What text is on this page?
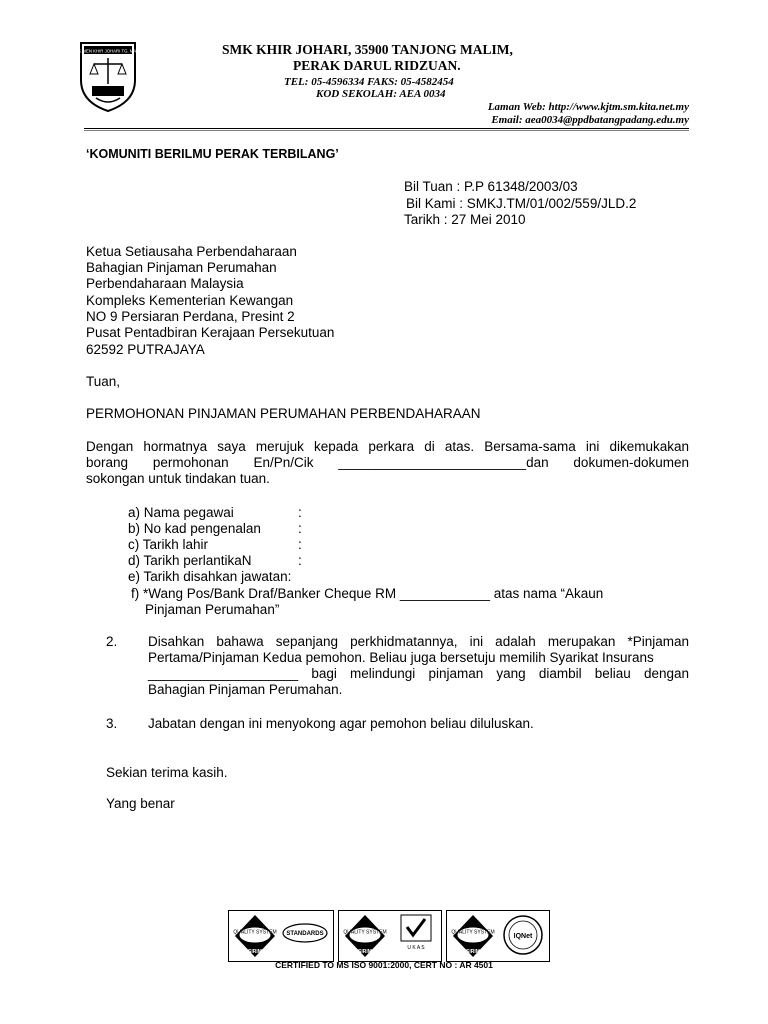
SEK MEN KHIR JOHARI TG. MALIM	SMK KHIR JOHARI, 35900 TANJONG MALIM,
PERAK DARUL RIDZUAN.
TEL: 05-4596334 FAKS: 05-4582454
KOD SEKOLAH: AEA 0034
Laman Web: http://www.kjtm.sm.kita.net.my
Email: aea0034@ppdbatangpadang.edu.my
‘KOMUNITI BERILMU PERAK TERBILANG’
Bil Tuan : P.P 61348/2003/03
Bil Kami : SMKJ.TM/01/002/559/JLD.2
Tarikh : 27 Mei 2010
Ketua Setiausaha Perbendaharaan
Bahagian Pinjaman Perumahan
Perbendaharaan Malaysia
Kompleks Kementerian Kewangan
NO 9 Persiaran Perdana, Presint 2
Pusat Pentadbiran Kerajaan Persekutuan
62592 PUTRAJAYA
Tuan,
PERMOHONAN PINJAMAN PERUMAHAN PERBENDAHARAAN
Dengan hormatnya saya merujuk kepada perkara di atas. Bersama-sama ini dikemukakan
borang permohonan En/Pn/Cik _________________________dan dokumen-dokumen
sokongan untuk tindakan tuan.
a) Nama pegawai	:
b) No kad pengenalan	:
c) Tarikh lahir	:
d) Tarikh perlantikaN	:
e) Tarikh disahkan jawatan:
f) *Wang Pos/Bank Draf/Banker Cheque RM ____________ atas nama “Akaun
Pinjaman Perumahan”
2. Disahkan bahawa sepanjang perkhidmatannya, ini adalah merupakan *Pinjaman
Pertama/Pinjaman Kedua pemohon. Beliau juga bersetuju memilih Syarikat Insurans
____________________ bagi melindungi pinjaman yang diambil beliau dengan
Bahagian Pinjaman Perumahan.
3. Jabatan dengan ini menyokong agar pemohon beliau diluluskan.
Sekian terima kasih.
Yang benar
QUALITY SYSTEM
SIRIM
STANDARDS	QUALITY SYSTEM
SIRIM
U K A S
QUALITY SYSTEM
SIRIM
IQNet
CERTIFIED TO MS ISO 9001:2000, CERT NO : AR 4501
